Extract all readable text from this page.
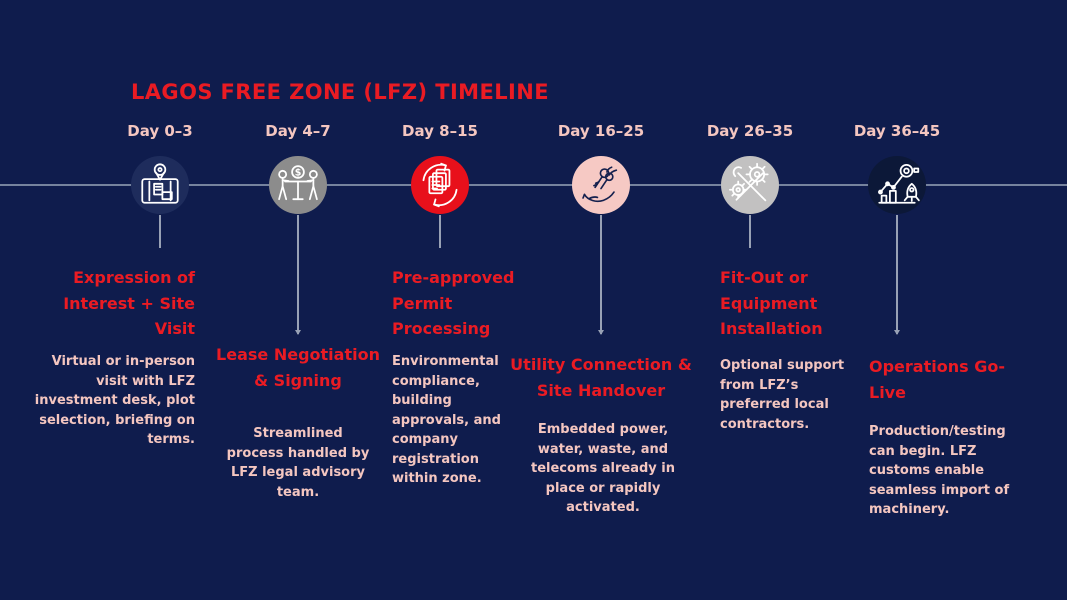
LAGOS FREE ZONE (LFZ) TIMELINE
Day 0–3
Expression of Interest + Site Visit
Virtual or in-person visit with LFZ investment desk, plot selection, briefing on terms.
Day 4–7
$
Lease Negotiation & Signing
Streamlined process handled by LFZ legal advisory team.
Day 8–15
Pre-approved Permit Processing
Environmental compliance, building approvals, and company registration within zone.
Day 16–25
Utility Connection & Site Handover
Embedded power, water, waste, and telecoms already in place or rapidly activated.
Day 26–35
Fit-Out or Equipment Installation
Optional support from LFZ’s preferred local contractors.
Day 36–45
Operations Go-Live
Production/testing can begin. LFZ customs enable seamless import of machinery.
